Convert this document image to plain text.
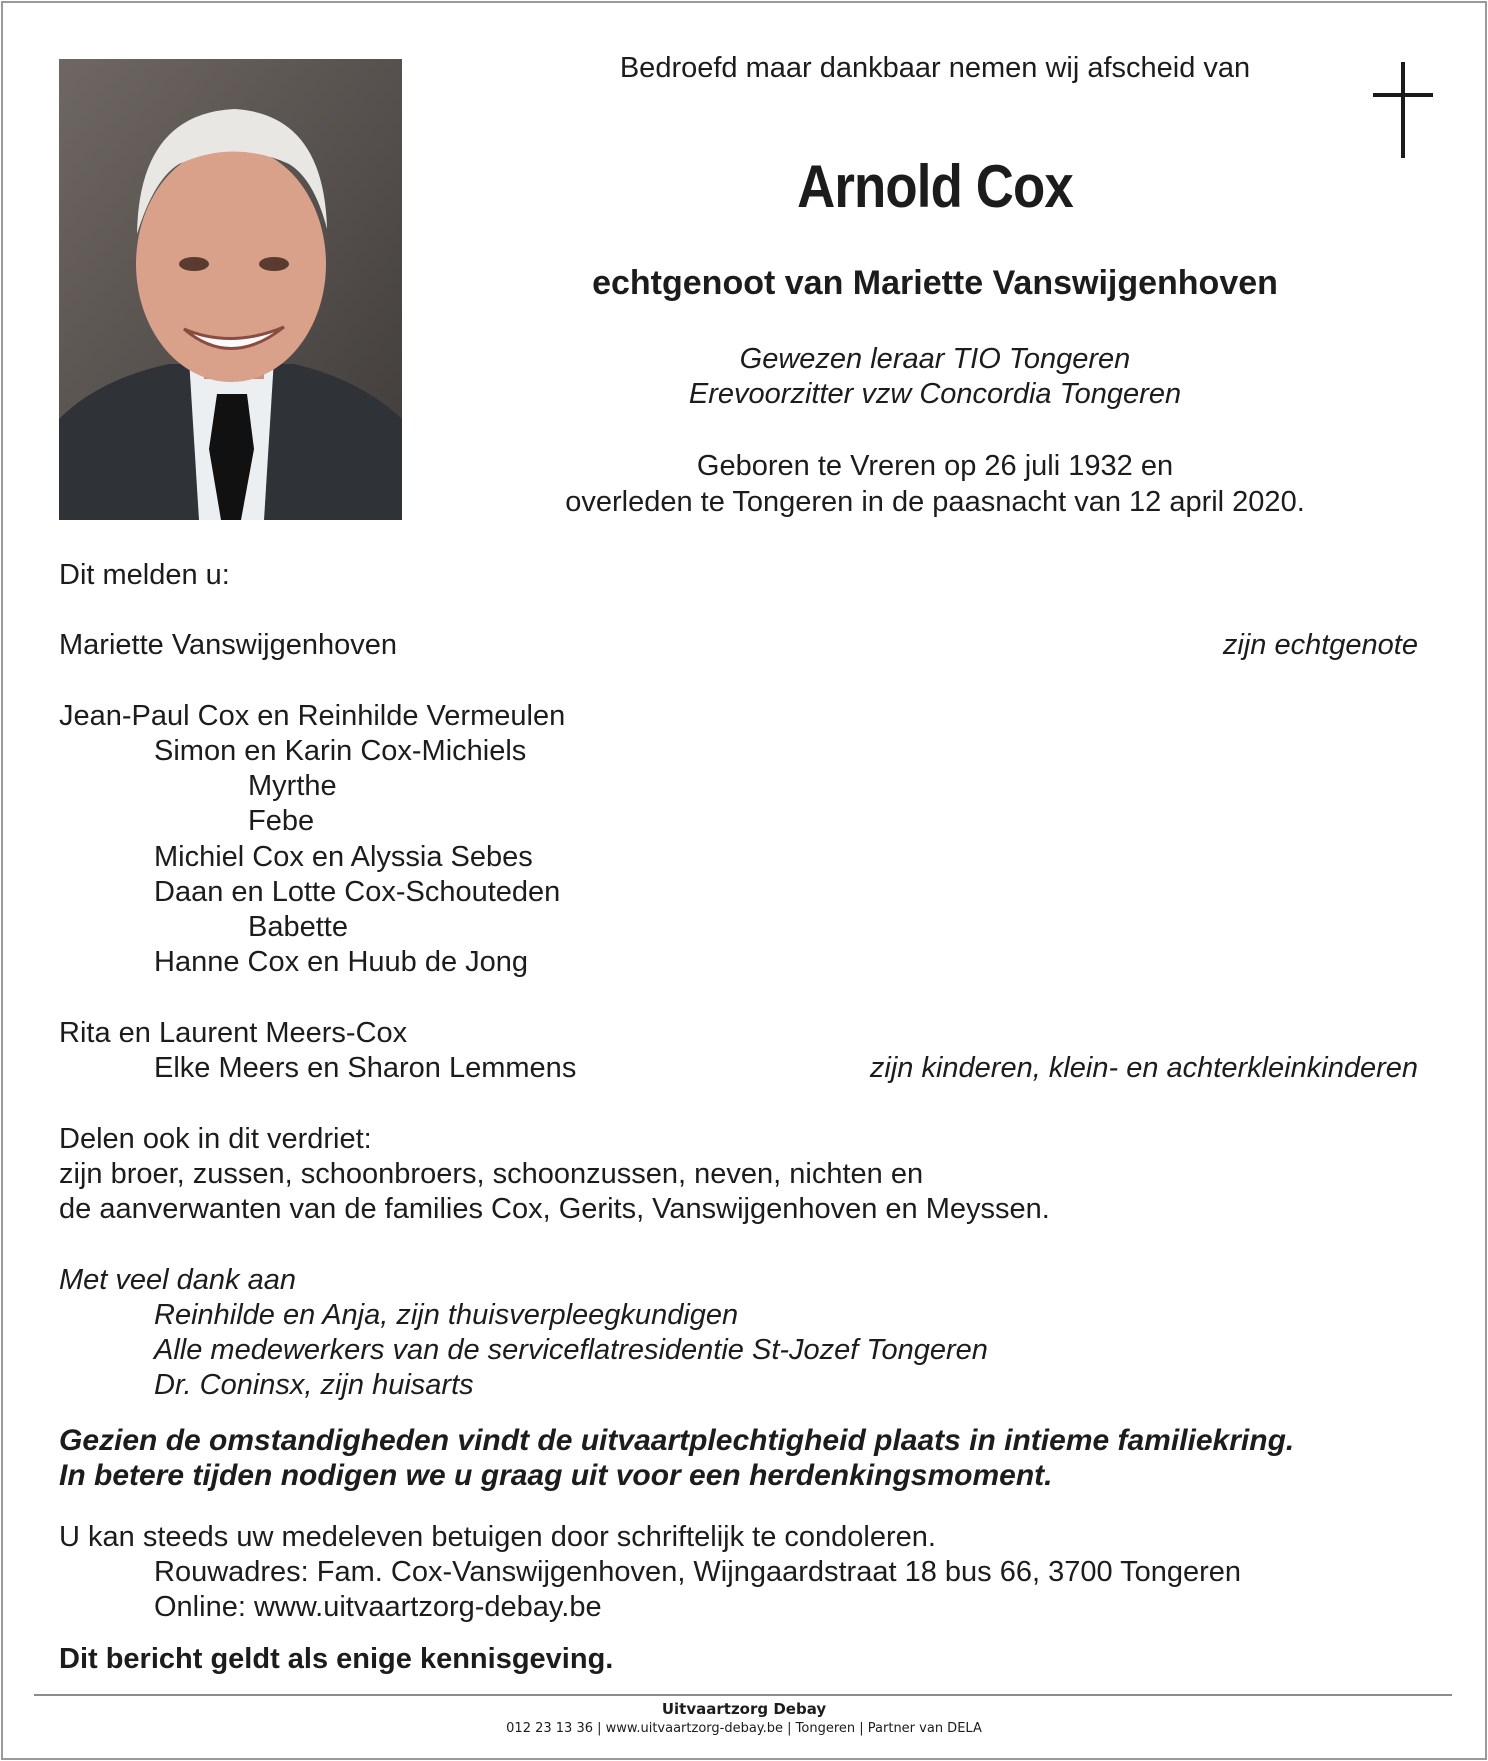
Bedroefd maar dankbaar nemen wij afscheid van
Arnold Cox
echtgenoot van Mariette Vanswijgenhoven
Gewezen leraar TIO Tongeren
Erevoorzitter vzw Concordia Tongeren
Geboren te Vreren op 26 juli 1932 en
overleden te Tongeren in de paasnacht van 12 april 2020.
Dit melden u:
Mariette Vanswijgenhoven	zijn echtgenote
Jean-Paul Cox en Reinhilde Vermeulen
Simon en Karin Cox-Michiels
Myrthe
Febe
Michiel Cox en Alyssia Sebes
Daan en Lotte Cox-Schouteden
Babette
Hanne Cox en Huub de Jong
Rita en Laurent Meers-Cox
Elke Meers en Sharon Lemmens	zijn kinderen, klein- en achterkleinkinderen
Delen ook in dit verdriet:
zijn broer, zussen, schoonbroers, schoonzussen, neven, nichten en
de aanverwanten van de families Cox, Gerits, Vanswijgenhoven en Meyssen.
Met veel dank aan
Reinhilde en Anja, zijn thuisverpleegkundigen
Alle medewerkers van de serviceflatresidentie St-Jozef Tongeren
Dr. Coninsx, zijn huisarts
Gezien de omstandigheden vindt de uitvaartplechtigheid plaats in intieme familiekring.
In betere tijden nodigen we u graag uit voor een herdenkingsmoment.
U kan steeds uw medeleven betuigen door schriftelijk te condoleren.
Rouwadres: Fam. Cox-Vanswijgenhoven, Wijngaardstraat 18 bus 66, 3700 Tongeren
Online: www.uitvaartzorg-debay.be
Dit bericht geldt als enige kennisgeving.
Uitvaartzorg Debay
012 23 13 36 | www.uitvaartzorg-debay.be | Tongeren | Partner van DELA
